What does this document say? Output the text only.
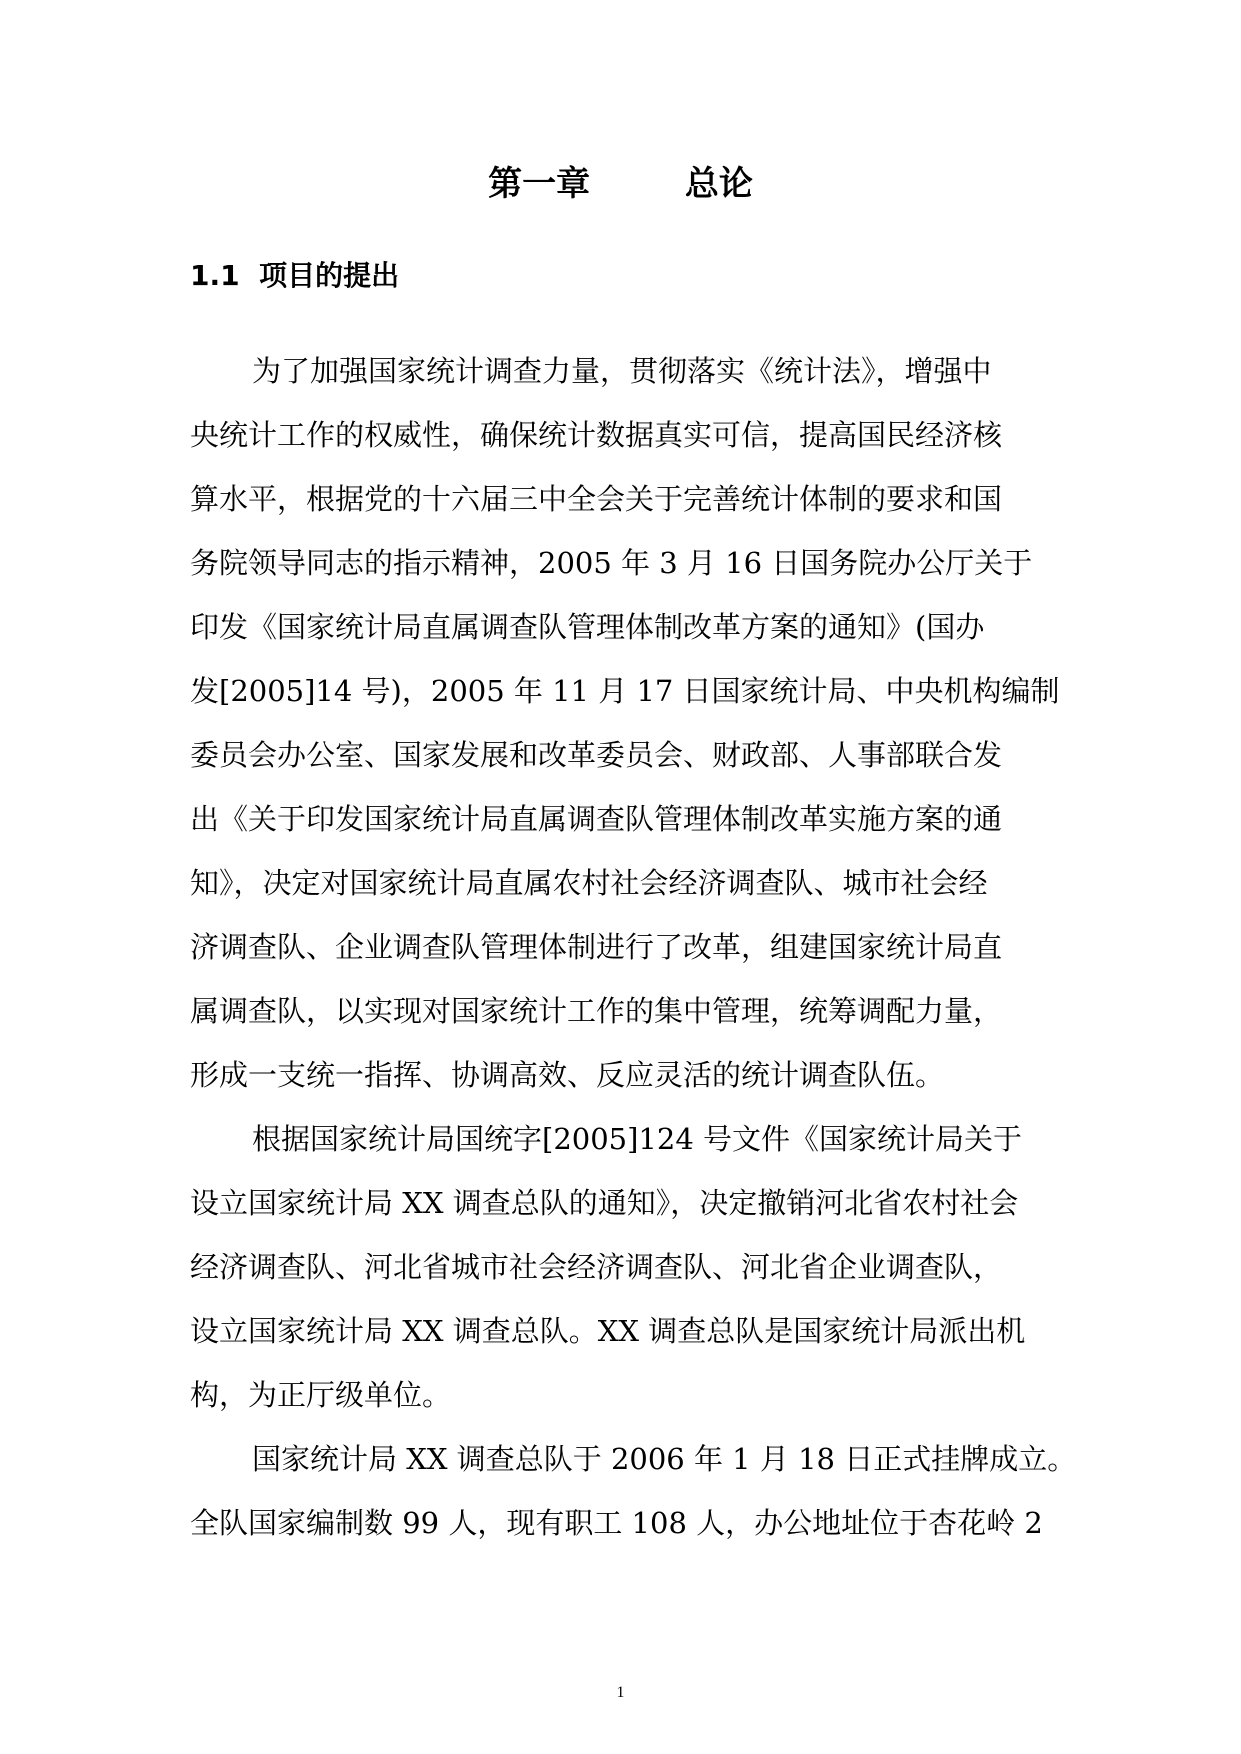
第一章        总论
1.1  项目的提出
为了加强国家统计调查力量，贯彻落实《统计法》，增强中
央统计工作的权威性，确保统计数据真实可信，提高国民经济核
算水平，根据党的十六届三中全会关于完善统计体制的要求和国
务院领导同志的指示精神，2005 年 3 月 16 日国务院办公厅关于
印发《国家统计局直属调查队管理体制改革方案的通知》(国办
发[2005]14 号)，2005 年 11 月 17 日国家统计局、中央机构编制
委员会办公室、国家发展和改革委员会、财政部、人事部联合发
出《关于印发国家统计局直属调查队管理体制改革实施方案的通
知》，决定对国家统计局直属农村社会经济调查队、城市社会经
济调查队、企业调查队管理体制进行了改革，组建国家统计局直
属调查队，以实现对国家统计工作的集中管理，统筹调配力量，
形成一支统一指挥、协调高效、反应灵活的统计调查队伍。
根据国家统计局国统字[2005]124 号文件《国家统计局关于
设立国家统计局 XX 调查总队的通知》，决定撤销河北省农村社会
经济调查队、河北省城市社会经济调查队、河北省企业调查队，
设立国家统计局 XX 调查总队。XX 调查总队是国家统计局派出机
构，为正厅级单位。
国家统计局 XX 调查总队于 2006 年 1 月 18 日正式挂牌成立。
全队国家编制数 99 人，现有职工 108 人，办公地址位于杏花岭 2
1
